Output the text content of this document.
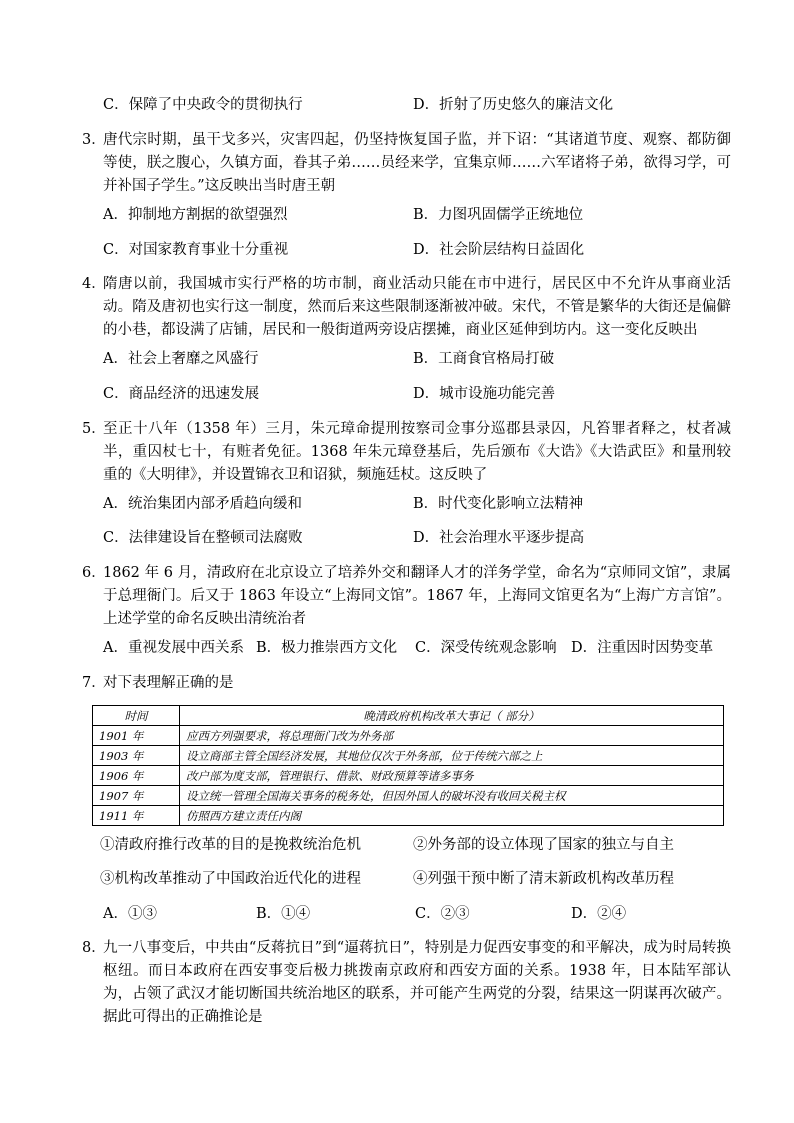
C．保障了中央政令的贯彻执行	D．折射了历史悠久的廉洁文化
3．
唐代宗时期，虽干戈多兴，灾害四起，仍坚持恢复国子监，并下诏：“其诸道节度、观察、都防御等使，朕之腹心，久镇方面，眷其子弟……员经来学，宜集京师……六军诸将子弟，欲得习学，可并补国子学生。”这反映出当时唐王朝
A．抑制地方割据的欲望强烈	B．力图巩固儒学正统地位
C．对国家教育事业十分重视	D．社会阶层结构日益固化
4．
隋唐以前，我国城市实行严格的坊市制，商业活动只能在市中进行，居民区中不允许从事商业活动。隋及唐初也实行这一制度，然而后来这些限制逐渐被冲破。宋代，不管是繁华的大街还是偏僻的小巷，都设满了店铺，居民和一般街道两旁设店摆摊，商业区延伸到坊内。这一变化反映出
A．社会上奢靡之风盛行	B．工商食官格局打破
C．商品经济的迅速发展	D．城市设施功能完善
5．
至正十八年（1358 年）三月，朱元璋命提刑按察司佥事分巡郡县录囚，凡笞罪者释之，杖者减半，重囚杖七十，有赃者免征。1368 年朱元璋登基后，先后颁布《大诰》《大诰武臣》和量刑较重的《大明律》，并设置锦衣卫和诏狱，频施廷杖。这反映了
A．统治集团内部矛盾趋向缓和	B．时代变化影响立法精神
C．法律建设旨在整顿司法腐败	D．社会治理水平逐步提高
6．
1862 年 6 月，清政府在北京设立了培养外交和翻译人才的洋务学堂，命名为“京师同文馆”，隶属于总理衙门。后又于 1863 年设立“上海同文馆”。1867 年，上海同文馆更名为“上海广方言馆”。上述学堂的命名反映出清统治者
A．重视发展中西关系 B．极力推崇西方文化 C．深受传统观念影响 D．注重因时因势变革
7．
对下表理解正确的是
时间	晚清政府机构改革大事记（ 部分）
1901 年	应西方列强要求，将总理衙门改为外务部
1903 年	设立商部主管全国经济发展，其地位仅次于外务部，位于传统六部之上
1906 年	改户部为度支部，管理银行、借款、财政预算等诸多事务
1907 年	设立统一管理全国海关事务的税务处，但因外国人的破坏没有收回关税主权
1911 年	仿照西方建立责任内阁
①清政府推行改革的目的是挽救统治危机	②外务部的设立体现了国家的独立与自主
③机构改革推动了中国政治近代化的进程	④列强干预中断了清末新政机构改革历程
A．①③	B．①④	C．②③	D．②④
8．
九一八事变后，中共由“反蒋抗日”到“逼蒋抗日”，特别是力促西安事变的和平解决，成为时局转换枢纽。而日本政府在西安事变后极力挑拨南京政府和西安方面的关系。1938 年，日本陆军部认为，占领了武汉才能切断国共统治地区的联系，并可能产生两党的分裂，结果这一阴谋再次破产。据此可得出的正确推论是
